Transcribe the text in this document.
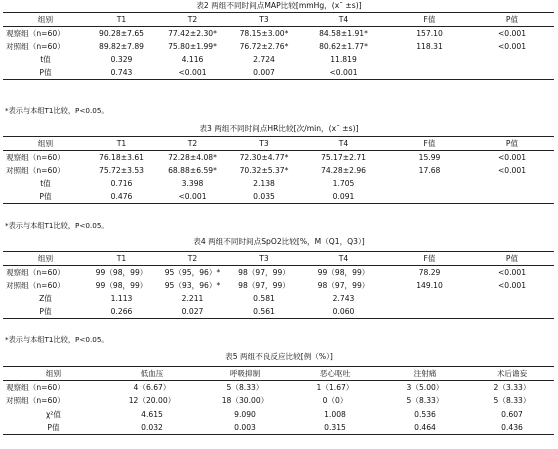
表2 两组不同时间点MAP比较[mmHg，(x¯ ±s)]
组别	T1	T2	T3	T4	F值	P值
观察组（n=60）	90.28±7.65	77.42±2.30*	78.15±3.00*	84.58±1.91*	157.10	<0.001
对照组（n=60）	89.82±7.89	75.80±1.99*	76.72±2.76*	80.62±1.77*	118.31	<0.001
t值	0.329	4.116	2.724	11.819		
P值	0.743	<0.001	0.007	<0.001		
*表示与本组T1比较，P<0.05。
表3 两组不同时间点HR比较[次/min，(x¯ ±s)]
组别	T1	T2	T3	T4	F值	P值
观察组（n=60）	76.18±3.61	72.28±4.08*	72.30±4.77*	75.17±2.71	15.99	<0.001
对照组（n=60）	75.72±3.53	68.88±6.59*	70.32±5.37*	74.28±2.96	17.68	<0.001
t值	0.716	3.398	2.138	1.705		
P值	0.476	<0.001	0.035	0.091		
*表示与本组T1比较，P<0.05。
表4 两组不同时间点SpO2比较[%，M（Q1，Q3）]
组别	T1	T2	T3	T4	F值	P值
观察组（n=60）	99（98，99）	95（95，96）*	98（97，99）	99（98，99）	78.29	<0.001
对照组（n=60）	99（98，99）	95（93，96）*	98（97，99）	98（97，99）	149.10	<0.001
Z值	1.113	2.211	0.581	2.743		
P值	0.266	0.027	0.561	0.060		
*表示与本组T1比较，P<0.05。
表5 两组不良反应比较[例（%）]
组别	低血压	呼吸抑制	恶心呕吐	注射痛	术后谵妄
观察组（n=60）	4（6.67）	5（8.33）	1（1.67）	3（5.00）	2（3.33）
对照组（n=60）	12（20.00）	18（30.00）	0（0）	5（8.33）	5（8.33）
χ²值	4.615	9.090	1.008	0.536	0.607
P值	0.032	0.003	0.315	0.464	0.436
